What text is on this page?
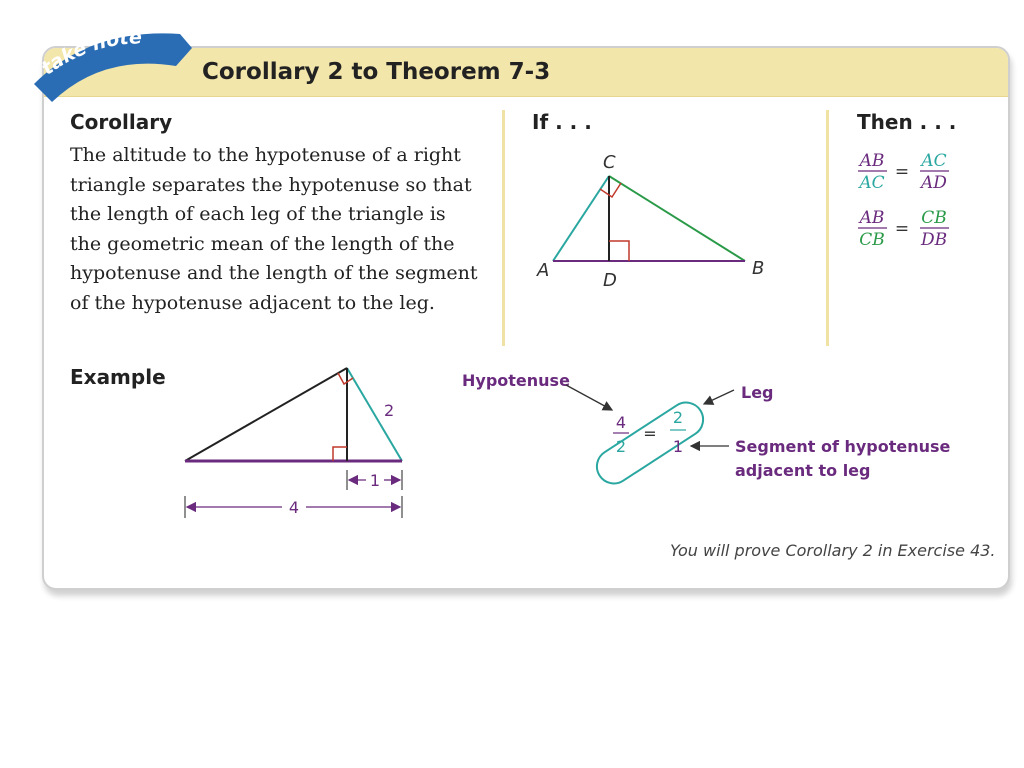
Corollary 2 to Theorem 7-3
take note
Corollary	If . . .	Then . . .
Example
The altitude to the hypotenuse of a right
triangle separates the hypotenuse so that
the length of each leg of the triangle is
the geometric mean of the length of the
hypotenuse and the length of the segment
of the hypotenuse adjacent to the leg.
C
A	B
D
AB
AC
=
AC
AD
AB
CB
=
CB
DB
2
1
4
4
2
=
2
1
Hypotenuse
Leg
Segment of hypotenuse
adjacent to leg
You will prove Corollary 2 in Exercise 43.
